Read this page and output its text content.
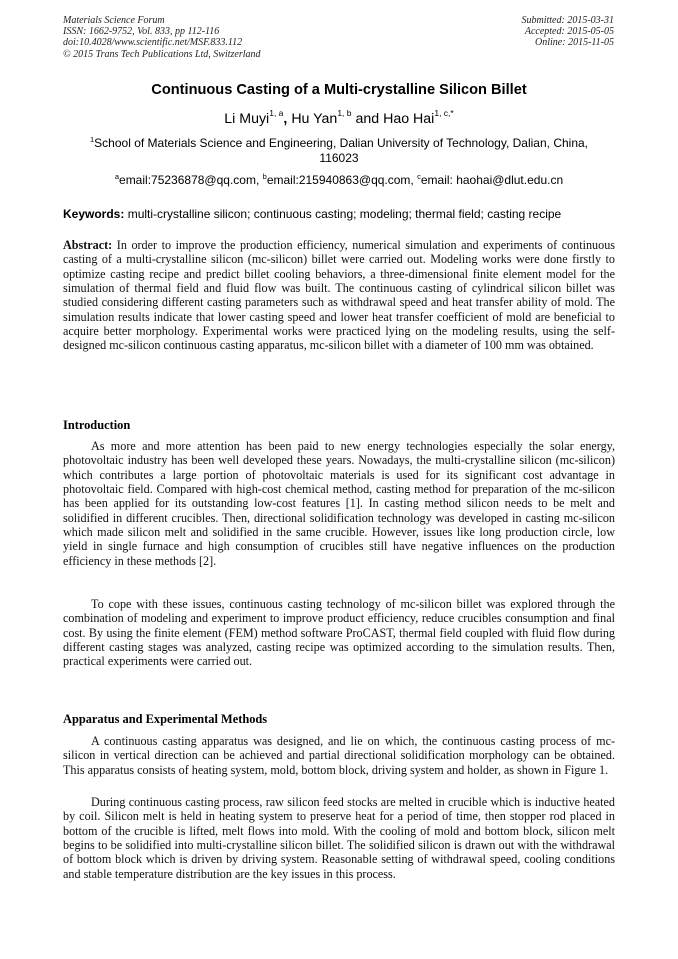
Materials Science Forum
ISSN: 1662-9752, Vol. 833, pp 112-116
doi:10.4028/www.scientific.net/MSF.833.112
© 2015 Trans Tech Publications Ltd, Switzerland
Submitted: 2015-03-31
Accepted: 2015-05-05
Online: 2015-11-05
Continuous Casting of a Multi-crystalline Silicon Billet
Li Muyi$^{1, a}$, Hu Yan$^{1, b}$ and Hao Hai$^{1, c,*}$
$^1$School of Materials Science and Engineering, Dalian University of Technology, Dalian, China, 116023
$^a$email:75236878@qq.com, $^b$email:215940863@qq.com, $^c$email: haohai@dlut.edu.cn
Keywords: multi-crystalline silicon; continuous casting; modeling; thermal field; casting recipe
Abstract: In order to improve the production efficiency, numerical simulation and experiments of continuous casting of a multi-crystalline silicon (mc-silicon) billet were carried out. Modeling works were done firstly to optimize casting recipe and predict billet cooling behaviors, a three-dimensional finite element model for the simulation of thermal field and fluid flow was built. The continuous casting of cylindrical silicon billet was studied considering different casting parameters such as withdrawal speed and heat transfer ability of mold. The simulation results indicate that lower casting speed and lower heat transfer coefficient of mold are beneficial to acquire better morphology. Experimental works were practiced lying on the modeling results, using the self-designed mc-silicon continuous casting apparatus, mc-silicon billet with a diameter of 100 mm was obtained.
Introduction
As more and more attention has been paid to new energy technologies especially the solar energy, photovoltaic industry has been well developed these years. Nowadays, the multi-crystalline silicon (mc-silicon) which contributes a large portion of photovoltaic materials is used for its significant cost advantage in photovoltaic field. Compared with high-cost chemical method, casting method for preparation of the mc-silicon has been applied for its outstanding low-cost features [1]. In casting method silicon needs to be melt and solidified in different crucibles. Then, directional solidification technology was developed in casting mc-silicon which made silicon melt and solidified in the same crucible. However, issues like long production circle, low yield in single furnace and high consumption of crucibles still have negative influences on the production efficiency in these methods [2].
To cope with these issues, continuous casting technology of mc-silicon billet was explored through the combination of modeling and experiment to improve product efficiency, reduce crucibles consumption and final cost. By using the finite element (FEM) method software ProCAST, thermal field coupled with fluid flow during different casting stages was analyzed, casting recipe was optimized according to the simulation results. Then, practical experiments were carried out.
Apparatus and Experimental Methods
A continuous casting apparatus was designed, and lie on which, the continuous casting process of mc-silicon in vertical direction can be achieved and partial directional solidification morphology can be obtained. This apparatus consists of heating system, mold, bottom block, driving system and holder, as shown in Figure 1.
During continuous casting process, raw silicon feed stocks are melted in crucible which is inductive heated by coil. Silicon melt is held in heating system to preserve heat for a period of time, then stopper rod placed in bottom of the crucible is lifted, melt flows into mold. With the cooling of mold and bottom block, silicon melt begins to be solidified into multi-crystalline silicon billet. The solidified silicon is drawn out with the withdrawal of bottom block which is driven by driving system. Reasonable setting of withdrawal speed, cooling conditions and stable temperature distribution are the key issues in this process.
